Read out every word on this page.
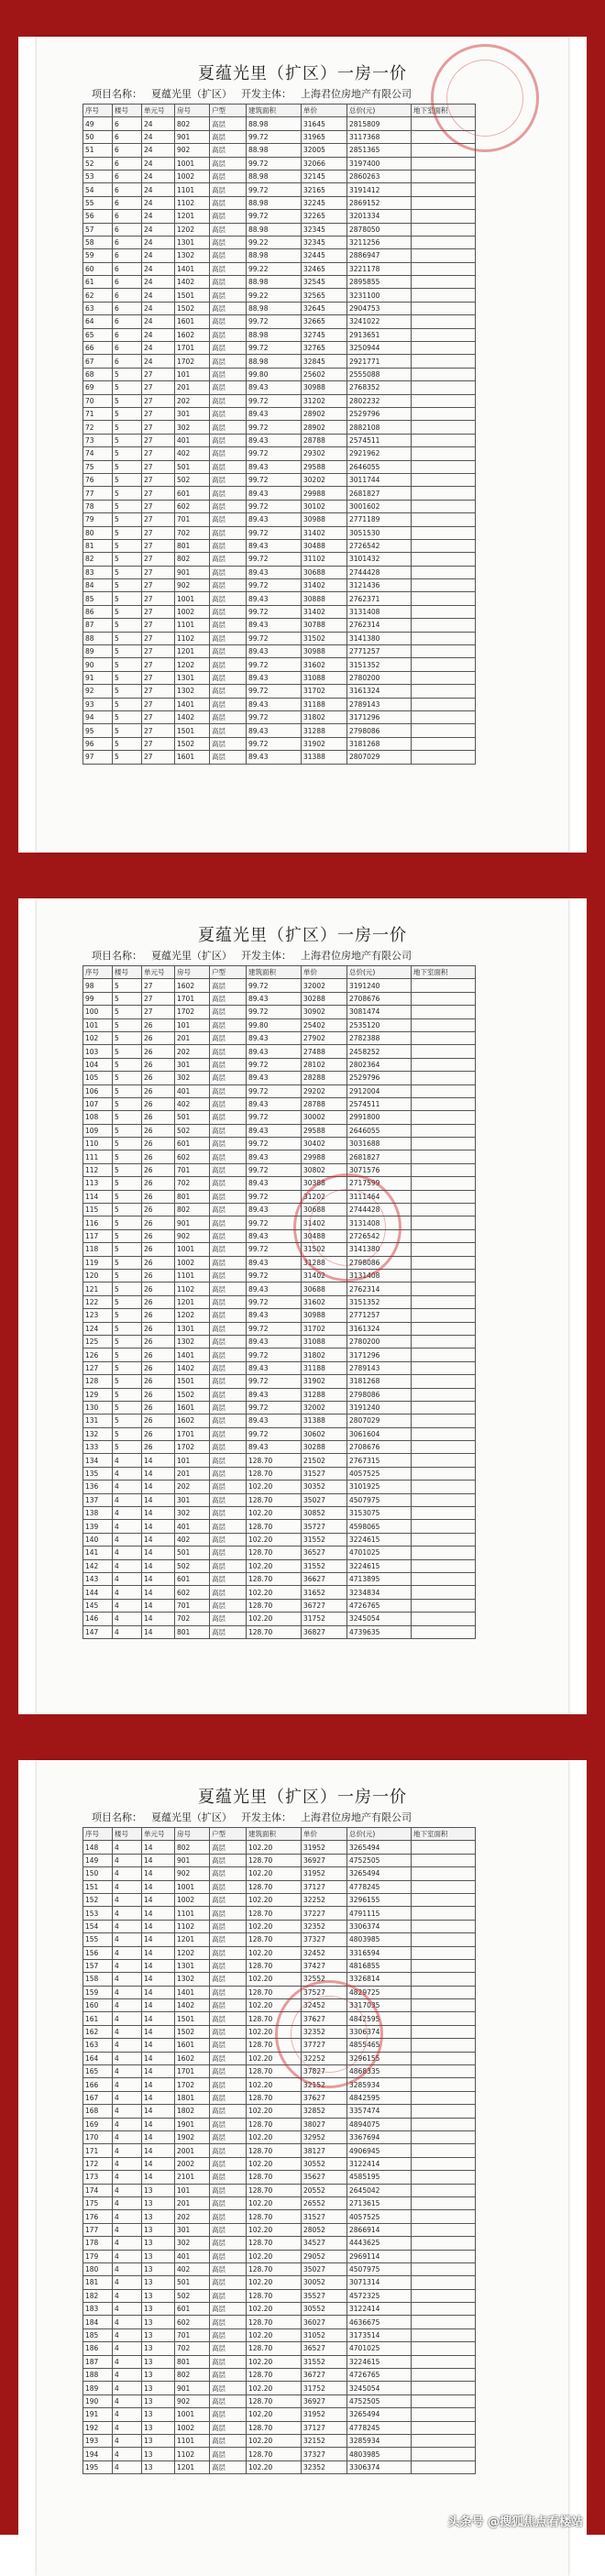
夏蕴光里（扩区）一房一价
项目名称： 夏蕴光里（扩区） 开发主体： 上海君位房地产有限公司
序号	楼号	单元号	房号	户型	建筑面积	单价	总价(元)	地下室面积
49	6	24	802	高层	88.98	31645	2815809	
50	6	24	901	高层	99.72	31965	3117368	
51	6	24	902	高层	88.98	32005	2851365	
52	6	24	1001	高层	99.72	32066	3197400	
53	6	24	1002	高层	88.98	32145	2860263	
54	6	24	1101	高层	99.72	32165	3191412	
55	6	24	1102	高层	88.98	32245	2869152	
56	6	24	1201	高层	99.72	32265	3201334	
57	6	24	1202	高层	88.98	32345	2878050	
58	6	24	1301	高层	99.22	32345	3211256	
59	6	24	1302	高层	88.98	32445	2886947	
60	6	24	1401	高层	99.22	32465	3221178	
61	6	24	1402	高层	88.98	32545	2895855	
62	6	24	1501	高层	99.22	32565	3231100	
63	6	24	1502	高层	88.98	32645	2904753	
64	6	24	1601	高层	99.72	32665	3241022	
65	6	24	1602	高层	88.98	32745	2913651	
66	6	24	1701	高层	99.72	32765	3250944	
67	6	24	1702	高层	88.98	32845	2921771	
68	5	27	101	高层	99.80	25602	2555088	
69	5	27	201	高层	89.43	30988	2768352	
70	5	27	202	高层	99.72	31202	2802232	
71	5	27	301	高层	89.43	28902	2529796	
72	5	27	302	高层	99.72	28902	2882108	
73	5	27	401	高层	89.43	28788	2574511	
74	5	27	402	高层	99.72	29302	2921962	
75	5	27	501	高层	89.43	29588	2646055	
76	5	27	502	高层	99.72	30202	3011744	
77	5	27	601	高层	89.43	29988	2681827	
78	5	27	602	高层	99.72	30102	3001602	
79	5	27	701	高层	89.43	30988	2771189	
80	5	27	702	高层	99.72	31402	3051530	
81	5	27	801	高层	89.43	30488	2726542	
82	5	27	802	高层	99.72	31102	3101432	
83	5	27	901	高层	89.43	30688	2744428	
84	5	27	902	高层	99.72	31402	3121436	
85	5	27	1001	高层	89.43	30888	2762371	
86	5	27	1002	高层	99.72	31402	3131408	
87	5	27	1101	高层	89.43	30788	2762314	
88	5	27	1102	高层	99.72	31502	3141380	
89	5	27	1201	高层	89.43	30988	2771257	
90	5	27	1202	高层	99.72	31602	3151352	
91	5	27	1301	高层	89.43	31088	2780200	
92	5	27	1302	高层	99.72	31702	3161324	
93	5	27	1401	高层	89.43	31188	2789143	
94	5	27	1402	高层	99.72	31802	3171296	
95	5	27	1501	高层	89.43	31288	2798086	
96	5	27	1502	高层	99.72	31902	3181268	
97	5	27	1601	高层	89.43	31388	2807029	
夏蕴光里（扩区）一房一价
项目名称： 夏蕴光里（扩区） 开发主体： 上海君位房地产有限公司
序号	楼号	单元号	房号	户型	建筑面积	单价	总价(元)	地下室面积
98	5	27	1602	高层	99.72	32002	3191240	
99	5	27	1701	高层	89.43	30288	2708676	
100	5	27	1702	高层	99.72	30902	3081474	
101	5	26	101	高层	99.80	25402	2535120	
102	5	26	201	高层	89.43	27902	2782388	
103	5	26	202	高层	89.43	27488	2458252	
104	5	26	301	高层	99.72	28102	2802364	
105	5	26	302	高层	89.43	28288	2529796	
106	5	26	401	高层	99.72	29202	2912004	
107	5	26	402	高层	89.43	28788	2574511	
108	5	26	501	高层	99.72	30002	2991800	
109	5	26	502	高层	89.43	29588	2646055	
110	5	26	601	高层	99.72	30402	3031688	
111	5	26	602	高层	89.43	29988	2681827	
112	5	26	701	高层	99.72	30802	3071576	
113	5	26	702	高层	89.43	30388	2717599	
114	5	26	801	高层	99.72	31202	3111464	
115	5	26	802	高层	89.43	30688	2744428	
116	5	26	901	高层	99.72	31402	3131408	
117	5	26	902	高层	89.43	30488	2726542	
118	5	26	1001	高层	99.72	31502	3141380	
119	5	26	1002	高层	89.43	31288	2798086	
120	5	26	1101	高层	99.72	31402	3131408	
121	5	26	1102	高层	89.43	30688	2762314	
122	5	26	1201	高层	99.72	31602	3151352	
123	5	26	1202	高层	89.43	30988	2771257	
124	5	26	1301	高层	99.72	31702	3161324	
125	5	26	1302	高层	89.43	31088	2780200	
126	5	26	1401	高层	99.72	31802	3171296	
127	5	26	1402	高层	89.43	31188	2789143	
128	5	26	1501	高层	99.72	31902	3181268	
129	5	26	1502	高层	89.43	31288	2798086	
130	5	26	1601	高层	99.72	32002	3191240	
131	5	26	1602	高层	89.43	31388	2807029	
132	5	26	1701	高层	99.72	30602	3061604	
133	5	26	1702	高层	89.43	30288	2708676	
134	4	14	101	高层	128.70	21502	2767315	
135	4	14	201	高层	128.70	31527	4057525	
136	4	14	202	高层	102.20	30352	3101925	
137	4	14	301	高层	128.70	35027	4507975	
138	4	14	302	高层	102.20	30852	3153075	
139	4	14	401	高层	128.70	35727	4598065	
140	4	14	402	高层	102.20	31552	3224615	
141	4	14	501	高层	128.70	36527	4701025	
142	4	14	502	高层	102.20	31552	3224615	
143	4	14	601	高层	128.70	36627	4713895	
144	4	14	602	高层	102.20	31652	3234834	
145	4	14	701	高层	128.70	36727	4726765	
146	4	14	702	高层	102.20	31752	3245054	
147	4	14	801	高层	128.70	36827	4739635	
夏蕴光里（扩区）一房一价
项目名称： 夏蕴光里（扩区） 开发主体： 上海君位房地产有限公司
序号	楼号	单元号	房号	户型	建筑面积	单价	总价(元)	地下室面积
148	4	14	802	高层	102.20	31952	3265494	
149	4	14	901	高层	128.70	36927	4752505	
150	4	14	902	高层	102.20	31952	3265494	
151	4	14	1001	高层	128.70	37127	4778245	
152	4	14	1002	高层	102.20	32252	3296155	
153	4	14	1101	高层	128.70	37227	4791115	
154	4	14	1102	高层	102.20	32352	3306374	
155	4	14	1201	高层	128.70	37327	4803985	
156	4	14	1202	高层	102.20	32452	3316594	
157	4	14	1301	高层	128.70	37427	4816855	
158	4	14	1302	高层	102.20	32552	3326814	
159	4	14	1401	高层	128.70	37527	4829725	
160	4	14	1402	高层	102.20	32452	3317035	
161	4	14	1501	高层	128.70	37627	4842595	
162	4	14	1502	高层	102.20	32352	3306374	
163	4	14	1601	高层	128.70	37727	4855465	
164	4	14	1602	高层	102.20	32252	3296155	
165	4	14	1701	高层	128.70	37827	4868335	
166	4	14	1702	高层	102.20	32152	3285934	
167	4	14	1801	高层	128.70	37627	4842595	
168	4	14	1802	高层	102.20	32852	3357474	
169	4	14	1901	高层	128.70	38027	4894075	
170	4	14	1902	高层	102.20	32952	3367694	
171	4	14	2001	高层	128.70	38127	4906945	
172	4	14	2002	高层	102.20	30552	3122414	
173	4	14	2101	高层	128.70	35627	4585195	
174	4	13	101	高层	128.70	20552	2645042	
175	4	13	201	高层	102.20	26552	2713615	
176	4	13	202	高层	128.70	31527	4057525	
177	4	13	301	高层	102.20	28052	2866914	
178	4	13	302	高层	128.70	34527	4443625	
179	4	13	401	高层	102.20	29052	2969114	
180	4	13	402	高层	128.70	35027	4507975	
181	4	13	501	高层	102.20	30052	3071314	
182	4	13	502	高层	128.70	35527	4572325	
183	4	13	601	高层	102.20	30552	3122414	
184	4	13	602	高层	128.70	36027	4636675	
185	4	13	701	高层	102.20	31052	3173514	
186	4	13	702	高层	128.70	36527	4701025	
187	4	13	801	高层	102.20	31552	3224615	
188	4	13	802	高层	128.70	36727	4726765	
189	4	13	901	高层	102.20	31752	3245054	
190	4	13	902	高层	128.70	36927	4752505	
191	4	13	1001	高层	102.20	31952	3265494	
192	4	13	1002	高层	128.70	37127	4778245	
193	4	13	1101	高层	102.20	32152	3285934	
194	4	13	1102	高层	128.70	37327	4803985	
195	4	13	1201	高层	102.20	32352	3306374	
头条号 @搜狐焦点看楼站
